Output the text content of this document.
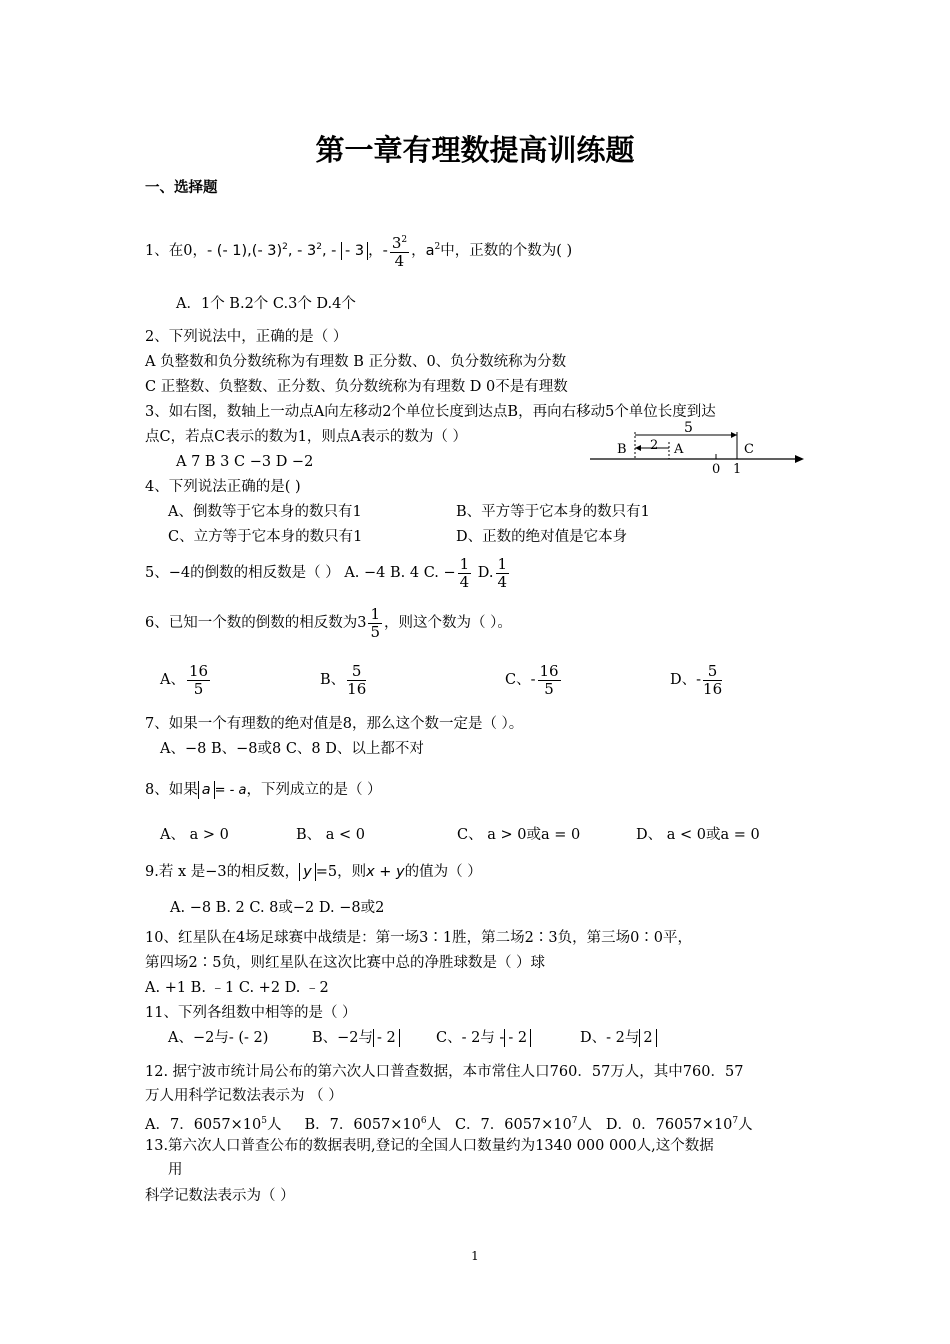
第一章有理数提高训练题
一、选择题
1、在0，- (- 1),(- 3)$^2$, - $3^2$, - - 3 ，- $\frac{3^2}{4}$ ，$a^2$中，正数的个数为( )
A．1个 B.2个 C.3个 D.4个
2、下列说法中，正确的是（ ）
A 负整数和负分数统称为有理数 B 正分数、0、负分数统称为分数
C 正整数、负整数、正分数、负分数统称为有理数 D 0不是有理数
3、如右图，数轴上一动点A向左移动2个单位长度到达点B，再向右移动5个单位长度到达
点C，若点C表示的数为1，则点A表示的数为（ ）
A 7 B 3 C −3 D −2
5
B 2 A	C
0 1
4、下列说法正确的是( )
A、倒数等于它本身的数只有1	B、平方等于它本身的数只有1
C、立方等于它本身的数只有1	D、正数的绝对值是它本身
5、−4的倒数的相反数是（ ） A. −4 B. 4 C. − $\frac{1}{4} D$. $\frac{1}{4}$
6、已知一个数的倒数的相反数为$3 \frac{1}{5}$ ，则这个数为（ ）。
A、 $\frac{16}{5}$	B、 $\frac{5}{16}$	C、- $\frac{16}{5}$	D、- $\frac{5}{16}$
7、如果一个有理数的绝对值是8，那么这个数一定是（ ）。
A、−8 B、−8或8 C、8 D、以上都不对
8、如果 a = - a，下列成立的是（ ）
A、 a > 0	B、 a < 0	C、 a > 0或a = 0	D、 a < 0或a = 0
9.若 x 是−3的相反数， y =5，则x + y的值为（ ）
A. −8 B. 2 C. 8或−2 D. −8或2
10、红星队在4场足球赛中战绩是：第一场3∶1胜，第二场2∶3负，第三场0∶0平，
第四场2∶5负，则红星队在这次比赛中总的净胜球数是（ ）球
A. +1 B. ﹣1 C. +2 D. ﹣2
11、下列各组数中相等的是（ ）
A、−2与- (- 2)	B、−2与 - 2	C、- 2与 - - 2	D、- 2与 2
12. 据宁波市统计局公布的第六次人口普查数据，本市常住人口760．57万人，其中760．57
万人用科学记数法表示为 （ ）
A．7．$6057\times 10^5$人 B．7．$6057\times 10^6$人 C．7．$6057\times 10^7$人 D．0．$76057\times 10^7$人
13.第六次人口普查公布的数据表明,登记的全国人口数量约为1340 000 000人,这个数据
用
科学记数法表示为（ ）
1
